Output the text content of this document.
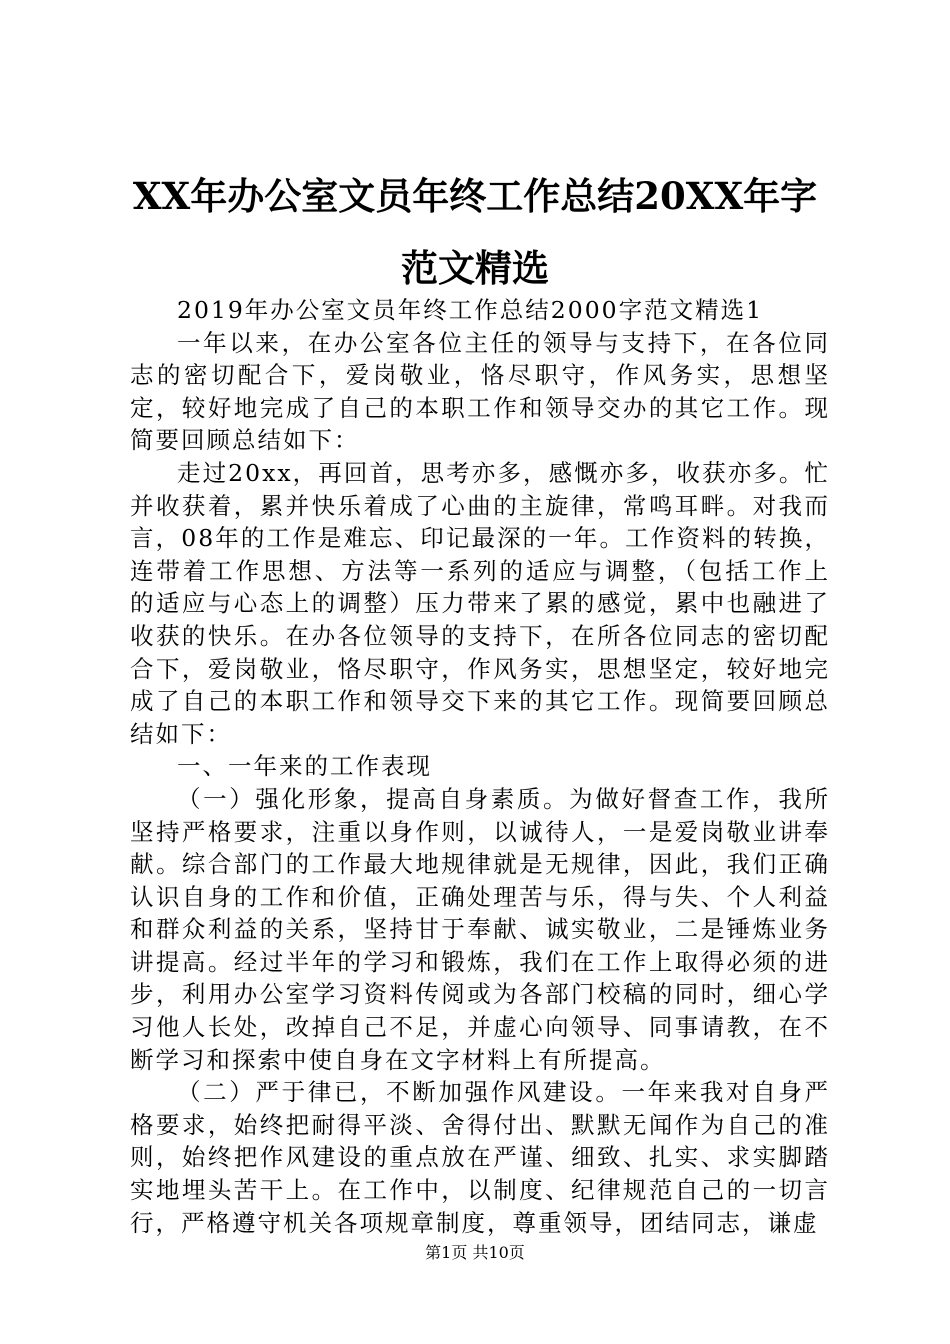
XX年办公室文员年终工作总结20XX年字范文精选

2019年办公室文员年终工作总结2000字范文精选1

一年以来，在办公室各位主任的领导与支持下，在各位同志的密切配合下，爱岗敬业，恪尽职守，作风务实，思想坚定，较好地完成了自己的本职工作和领导交办的其它工作。现简要回顾总结如下：

走过20xx，再回首，思考亦多，感慨亦多，收获亦多。忙并收获着，累并快乐着成了心曲的主旋律，常鸣耳畔。对我而言，08年的工作是难忘、印记最深的一年。工作资料的转换，连带着工作思想、方法等一系列的适应与调整，（包括工作上的适应与心态上的调整）压力带来了累的感觉，累中也融进了收获的快乐。在办各位领导的支持下，在所各位同志的密切配合下，爱岗敬业，恪尽职守，作风务实，思想坚定，较好地完成了自己的本职工作和领导交下来的其它工作。现简要回顾总结如下：

一、一年来的工作表现

（一）强化形象，提高自身素质。为做好督查工作，我所坚持严格要求，注重以身作则，以诚待人，一是爱岗敬业讲奉献。综合部门的工作最大地规律就是无规律，因此，我们正确认识自身的工作和价值，正确处理苦与乐，得与失、个人利益和群众利益的关系，坚持甘于奉献、诚实敬业，二是锤炼业务讲提高。经过半年的学习和锻炼，我们在工作上取得必须的进步，利用办公室学习资料传阅或为各部门校稿的同时，细心学习他人长处，改掉自己不足，并虚心向领导、同事请教，在不断学习和探索中使自身在文字材料上有所提高。

（二）严于律已，不断加强作风建设。一年来我对自身严格要求，始终把耐得平淡、舍得付出、默默无闻作为自己的准则，始终把作风建设的重点放在严谨、细致、扎实、求实脚踏实地埋头苦干上。在工作中，以制度、纪律规范自己的一切言行，严格遵守机关各项规章制度，尊重领导，团结同志，谦虚

第1页 共10页
